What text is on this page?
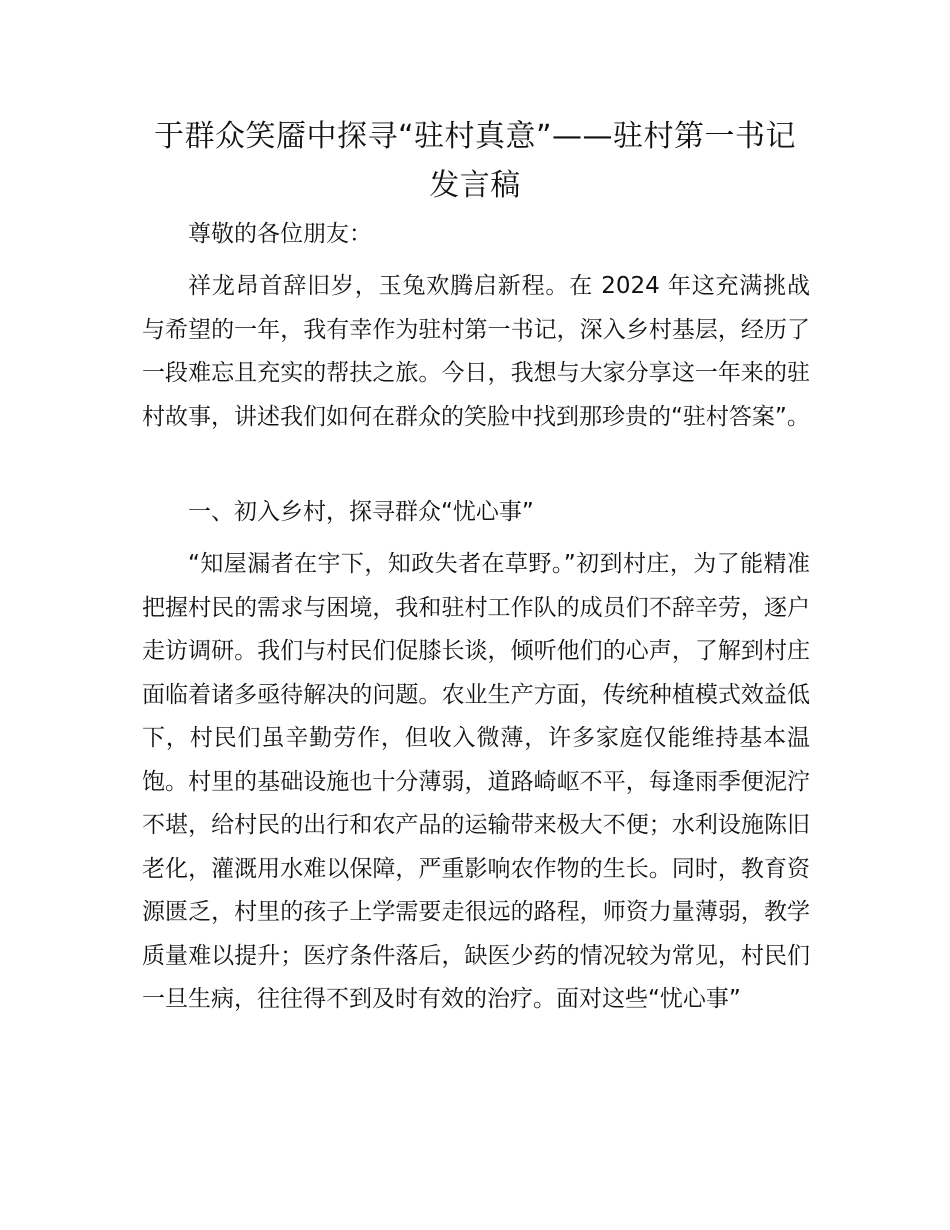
于群众笑靥中探寻“驻村真意”——驻村第一书记发言稿

尊敬的各位朋友：

祥龙昂首辞旧岁，玉兔欢腾启新程。在 2024 年这充满挑战与希望的一年，我有幸作为驻村第一书记，深入乡村基层，经历了一段难忘且充实的帮扶之旅。今日，我想与大家分享这一年来的驻村故事，讲述我们如何在群众的笑脸中找到那珍贵的“驻村答案”。

一、初入乡村，探寻群众“忧心事”

“知屋漏者在宇下，知政失者在草野。”初到村庄，为了能精准把握村民的需求与困境，我和驻村工作队的成员们不辞辛劳，逐户走访调研。我们与村民们促膝长谈，倾听他们的心声，了解到村庄面临着诸多亟待解决的问题。农业生产方面，传统种植模式效益低下，村民们虽辛勤劳作，但收入微薄，许多家庭仅能维持基本温饱。村里的基础设施也十分薄弱，道路崎岖不平，每逢雨季便泥泞不堪，给村民的出行和农产品的运输带来极大不便；水利设施陈旧老化，灌溉用水难以保障，严重影响农作物的生长。同时，教育资源匮乏，村里的孩子上学需要走很远的路程，师资力量薄弱，教学质量难以提升；医疗条件落后，缺医少药的情况较为常见，村民们一旦生病，往往得不到及时有效的治疗。面对这些“忧心事”
